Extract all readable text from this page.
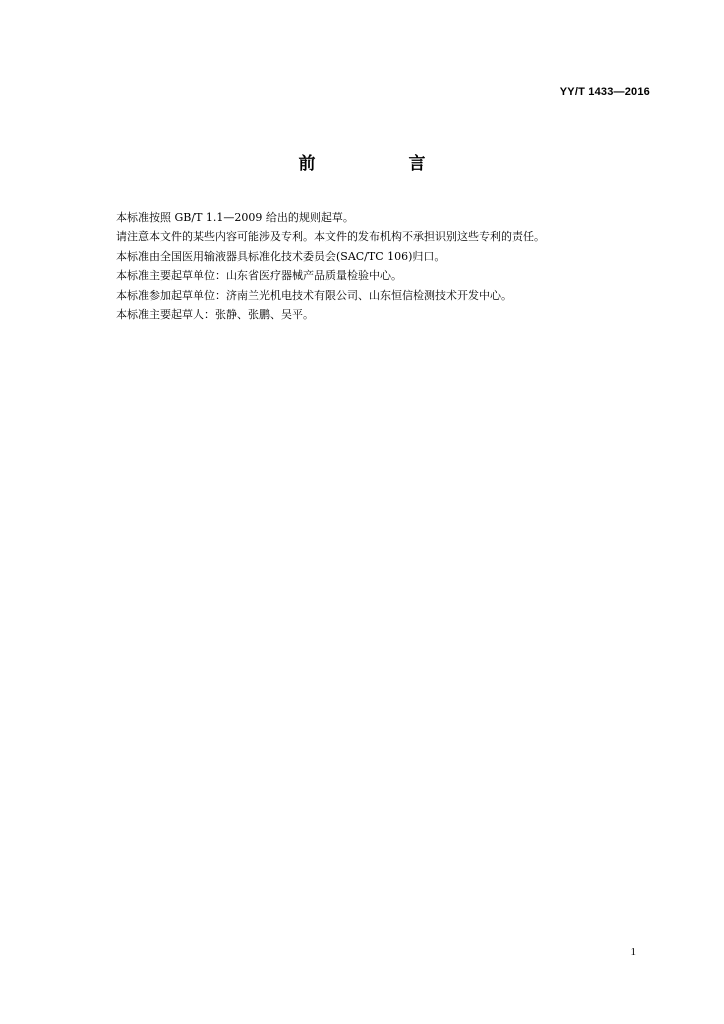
YY/T 1433—2016
前　言
本标准按照 GB/T 1.1—2009 给出的规则起草。
请注意本文件的某些内容可能涉及专利。本文件的发布机构不承担识别这些专利的责任。
本标准由全国医用输液器具标准化技术委员会(SAC/TC 106)归口。
本标准主要起草单位：山东省医疗器械产品质量检验中心。
本标准参加起草单位：济南兰光机电技术有限公司、山东恒信检测技术开发中心。
本标准主要起草人：张静、张鹏、吴平。
1
